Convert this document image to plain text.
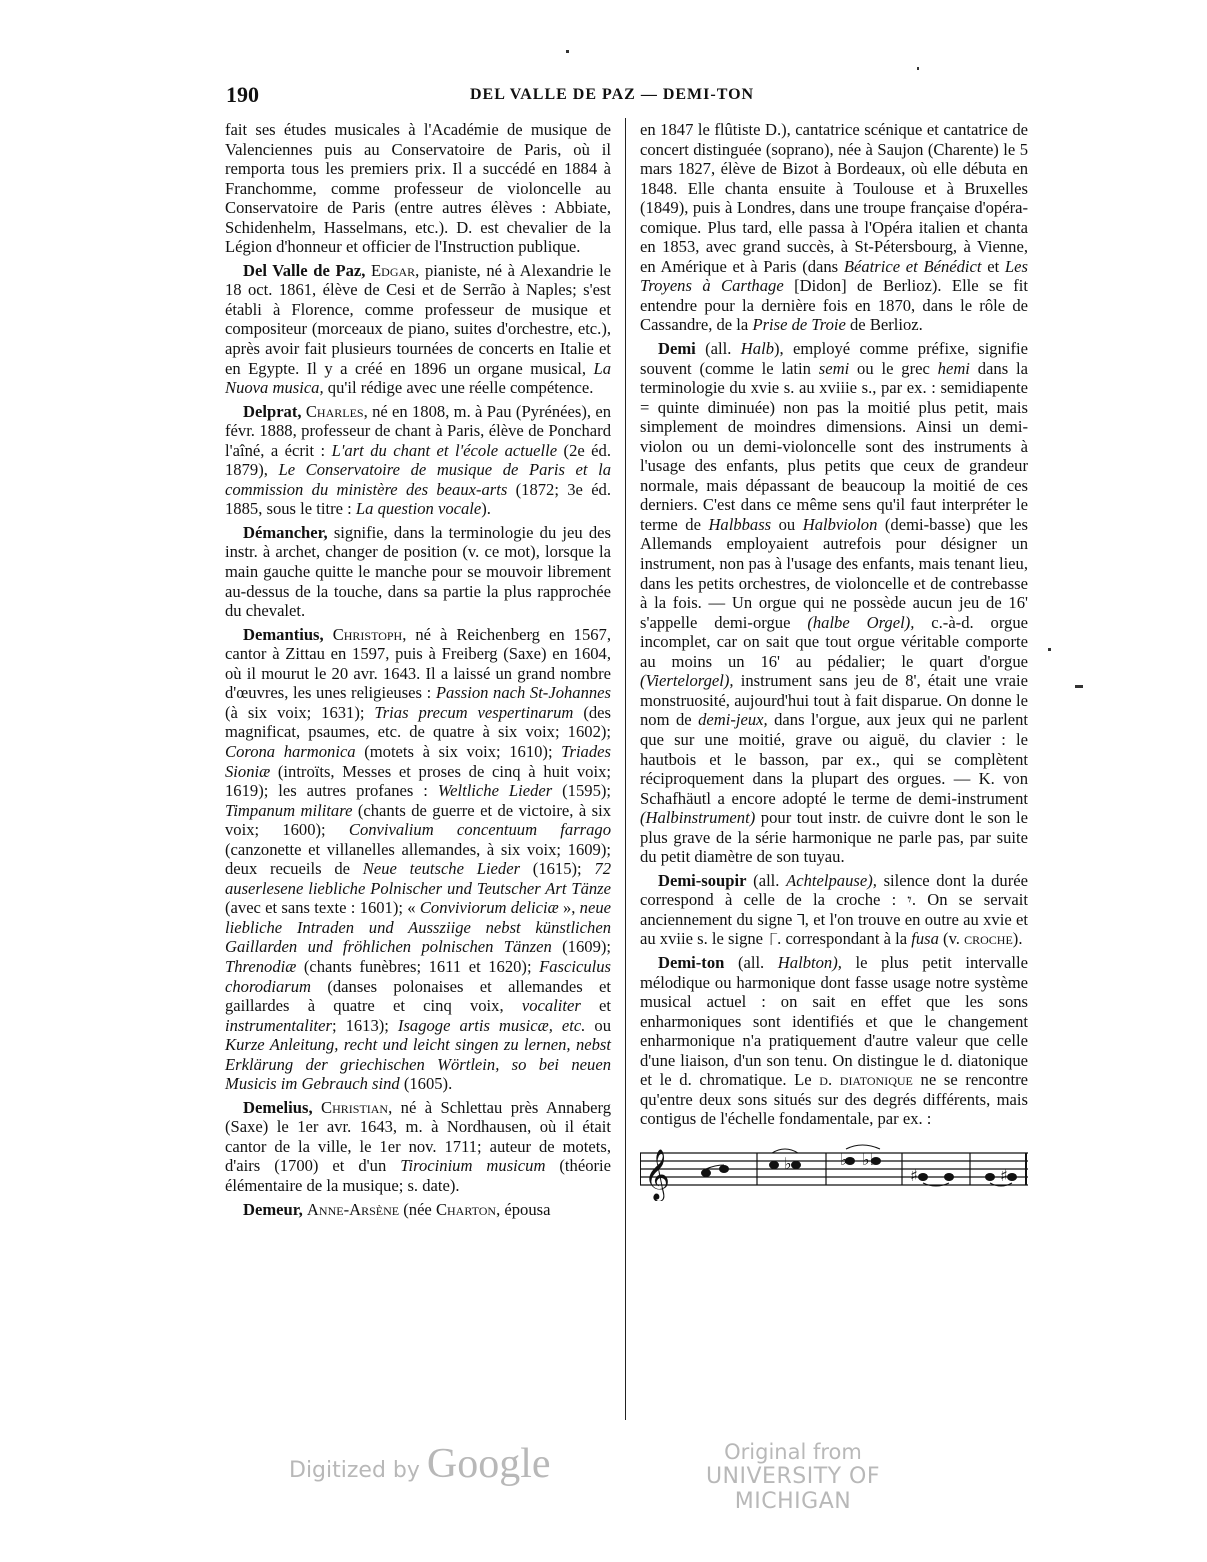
190	DEL VALLE DE PAZ — DEMI-TON

fait ses études musicales à l'Académie de musique de Valenciennes puis au Conservatoire de Paris, où il remporta tous les premiers prix. Il a succédé en 1884 à Franchomme, comme professeur de violoncelle au Conservatoire de Paris (entre autres élèves : Abbiate, Schidenhelm, Hasselmans, etc.). D. est chevalier de la Légion d'honneur et officier de l'Instruction publique.

Del Valle de Paz, Edgar, pianiste, né à Alexandrie le 18 oct. 1861, élève de Cesi et de Serrão à Naples; s'est établi à Florence, comme professeur de musique et compositeur (morceaux de piano, suites d'orchestre, etc.), après avoir fait plusieurs tournées de concerts en Italie et en Egypte. Il y a créé en 1896 un organe musical, La Nuova musica, qu'il rédige avec une réelle compétence.

Delprat, Charles, né en 1808, m. à Pau (Pyrénées), en févr. 1888, professeur de chant à Paris, élève de Ponchard l'aîné, a écrit : L'art du chant et l'école actuelle (2e éd. 1879), Le Conservatoire de musique de Paris et la commission du ministère des beaux-arts (1872; 3e éd. 1885, sous le titre : La question vocale).

Démancher, signifie, dans la terminologie du jeu des instr. à archet, changer de position (v. ce mot), lorsque la main gauche quitte le manche pour se mouvoir librement au-dessus de la touche, dans sa partie la plus rapprochée du chevalet.

Demantius, Christoph, né à Reichenberg en 1567, cantor à Zittau en 1597, puis à Freiberg (Saxe) en 1604, où il mourut le 20 avr. 1643. Il a laissé un grand nombre d'œuvres, les unes religieuses : Passion nach St-Johannes (à six voix; 1631); Trias precum vespertinarum (des magnificat, psaumes, etc. de quatre à six voix; 1602); Corona harmonica (motets à six voix; 1610); Triades Sioniæ (introïts, Messes et proses de cinq à huit voix; 1619); les autres profanes : Weltliche Lieder (1595); Timpanum militare (chants de guerre et de victoire, à six voix; 1600); Convivalium concentuum farrago (canzonette et villanelles allemandes, à six voix; 1609); deux recueils de Neue teutsche Lieder (1615); 72 auserlesene liebliche Polnischer und Teutscher Art Tänze (avec et sans texte : 1601); « Conviviorum deliciæ », neue liebliche Intraden und Aussziige nebst künstlichen Gaillarden und fröhlichen polnischen Tänzen (1609); Threnodiæ (chants funèbres; 1611 et 1620); Fasciculus chorodiarum (danses polonaises et allemandes et gaillardes à quatre et cinq voix, vocaliter et instrumentaliter; 1613); Isagoge artis musicæ, etc. ou Kurze Anleitung, recht und leicht singen zu lernen, nebst Erklärung der griechischen Wörtlein, so bei neuen Musicis im Gebrauch sind (1605).

Demelius, Christian, né à Schlettau près Annaberg (Saxe) le 1er avr. 1643, m. à Nordhausen, où il était cantor de la ville, le 1er nov. 1711; auteur de motets, d'airs (1700) et d'un Tirocinium musicum (théorie élémentaire de la musique; s. date).

Demeur, Anne-Arsène (née Charton, épousa

en 1847 le flûtiste D.), cantatrice scénique et cantatrice de concert distinguée (soprano), née à Saujon (Charente) le 5 mars 1827, élève de Bizot à Bordeaux, où elle débuta en 1848. Elle chanta ensuite à Toulouse et à Bruxelles (1849), puis à Londres, dans une troupe française d'opéra-comique. Plus tard, elle passa à l'Opéra italien et chanta en 1853, avec grand succès, à St-Pétersbourg, à Vienne, en Amérique et à Paris (dans Béatrice et Bénédict et Les Troyens à Carthage [Didon] de Berlioz). Elle se fit entendre pour la dernière fois en 1870, dans le rôle de Cassandre, de la Prise de Troie de Berlioz.

Demi (all. Halb), employé comme préfixe, signifie souvent (comme le latin semi ou le grec hemi dans la terminologie du xvie s. au xviiie s., par ex. : semidiapente = quinte diminuée) non pas la moitié plus petit, mais simplement de moindres dimensions. Ainsi un demi-violon ou un demi-violoncelle sont des instruments à l'usage des enfants, plus petits que ceux de grandeur normale, mais dépassant de beaucoup la moitié de ces derniers. C'est dans ce même sens qu'il faut interpréter le terme de Halbbass ou Halbviolon (demi-basse) que les Allemands employaient autrefois pour désigner un instrument, non pas à l'usage des enfants, mais tenant lieu, dans les petits orchestres, de violoncelle et de contrebasse à la fois. — Un orgue qui ne possède aucun jeu de 16' s'appelle demi-orgue (halbe Orgel), c.-à-d. orgue incomplet, car on sait que tout orgue véritable comporte au moins un 16' au pédalier; le quart d'orgue (Viertelorgel), instrument sans jeu de 8', était une vraie monstruosité, aujourd'hui tout à fait disparue. On donne le nom de demi-jeux, dans l'orgue, aux jeux qui ne parlent que sur une moitié, grave ou aiguë, du clavier : le hautbois et le basson, par ex., qui se complètent réciproquement dans la plupart des orgues. — K. von Schafhäutl a encore adopté le terme de demi-instrument (Halbinstrument) pour tout instr. de cuivre dont le son le plus grave de la série harmonique ne parle pas, par suite du petit diamètre de son tuyau.

Demi-soupir (all. Achtelpause), silence dont la durée correspond à celle de la croche : 𝄾. On se servait anciennement du signe ⅂, et l'on trouve en outre au xvie et au xviie s. le signe ⎾. correspondant à la fusa (v. croche).

Demi-ton (all. Halbton), le plus petit intervalle mélodique ou harmonique dont fasse usage notre système musical actuel : on sait en effet que les sons enharmoniques sont identifiés et que le changement enharmonique n'a pratiquement d'autre valeur que celle d'une liaison, d'un son tenu. On distingue le d. diatonique et le d. chromatique. Le d. diatonique ne se rencontre qu'entre deux sons situés sur des degrés différents, mais contigus de l'échelle fondamentale, par ex. :

𝄞	♭	♭ ♭♭
♯	♯
Digitized by Google	Original from
UNIVERSITY OF MICHIGAN
